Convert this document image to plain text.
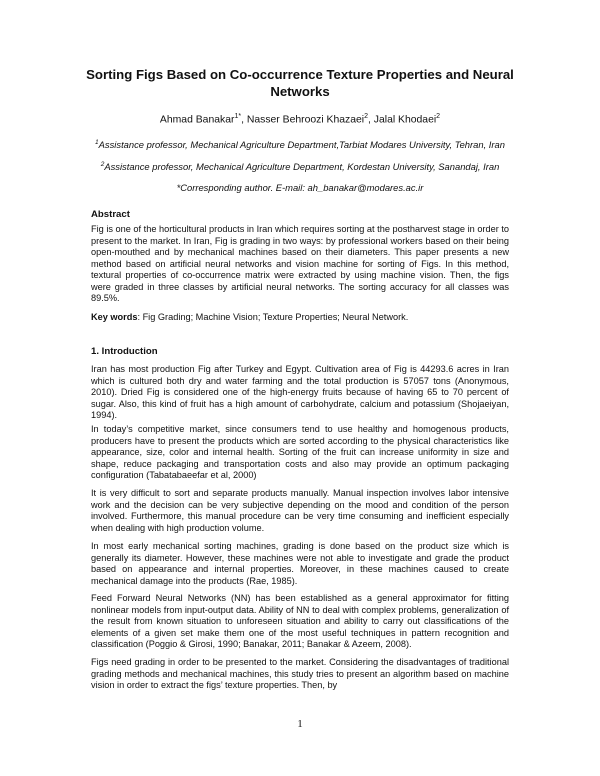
Sorting Figs Based on Co-occurrence Texture Properties and Neural Networks
Ahmad Banakar$^{1*}$, Nasser Behroozi Khazaei$^2$, Jalal Khodaei$^2$
$^1$Assistance professor, Mechanical Agriculture Department,Tarbiat Modares University, Tehran, Iran
$^2$Assistance professor, Mechanical Agriculture Department, Kordestan University, Sanandaj, Iran
*Corresponding author. E-mail: ah_banakar@modares.ac.ir
Abstract

Fig is one of the horticultural products in Iran which requires sorting at the postharvest stage in order to present to the market. In Iran, Fig is grading in two ways: by professional workers based on their being open-mouthed and by mechanical machines based on their diameters. This paper presents a new method based on artificial neural networks and vision machine for sorting of Figs. In this method, textural properties of co-occurrence matrix were extracted by using machine vision. Then, the figs were graded in three classes by artificial neural networks. The sorting accuracy for all classes was 89.5%.

Key words: Fig Grading; Machine Vision; Texture Properties; Neural Network.
1. Introduction

Iran has most production Fig after Turkey and Egypt. Cultivation area of Fig is 44293.6 acres in Iran which is cultured both dry and water farming and the total production is 57057 tons (Anonymous, 2010). Dried Fig is considered one of the high-energy fruits because of having 65 to 70 percent of sugar. Also, this kind of fruit has a high amount of carbohydrate, calcium and potassium (Shojaeiyan, 1994).

In today’s competitive market, since consumers tend to use healthy and homogenous products, producers have to present the products which are sorted according to the physical characteristics like appearance, size, color and internal health. Sorting of the fruit can increase uniformity in size and shape, reduce packaging and transportation costs and also may provide an optimum packaging configuration (Tabatabaeefar et al, 2000)

It is very difficult to sort and separate products manually. Manual inspection involves labor intensive work and the decision can be very subjective depending on the mood and condition of the person involved. Furthermore, this manual procedure can be very time consuming and inefficient especially when dealing with high production volume.

In most early mechanical sorting machines, grading is done based on the product size which is generally its diameter. However, these machines were not able to investigate and grade the product based on appearance and internal properties. Moreover, in these machines caused to create mechanical damage into the products (Rae, 1985).

Feed Forward Neural Networks (NN) has been established as a general approximator for fitting nonlinear models from input-output data. Ability of NN to deal with complex problems, generalization of the result from known situation to unforeseen situation and ability to carry out classifications of the elements of a given set make them one of the most useful techniques in pattern recognition and classification (Poggio & Girosi, 1990; Banakar, 2011; Banakar & Azeem, 2008).

Figs need grading in order to be presented to the market. Considering the disadvantages of traditional grading methods and mechanical machines, this study tries to present an algorithm based on machine vision in order to extract the figs’ texture properties. Then, by

1
